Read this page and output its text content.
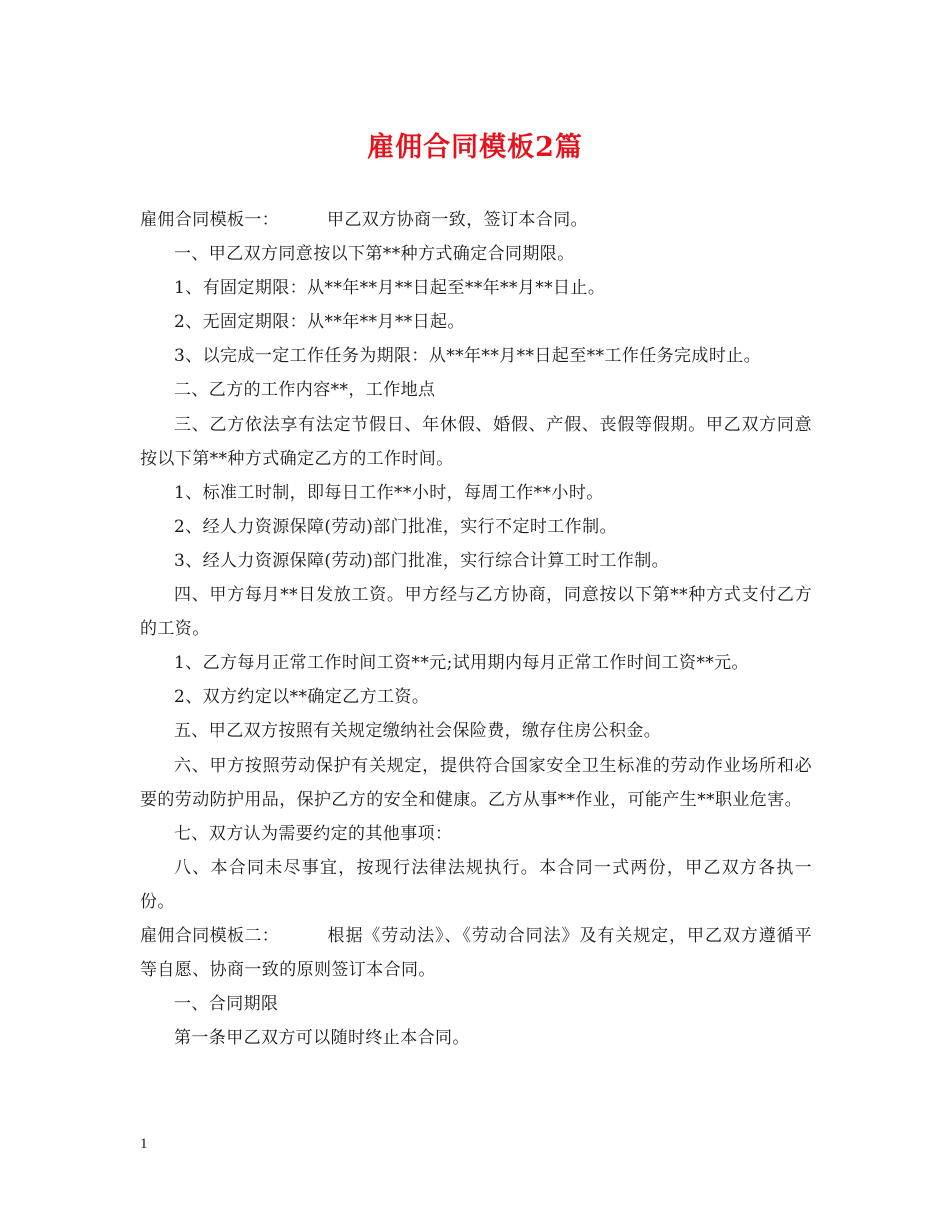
雇佣合同模板2篇

雇佣合同模板一：	甲乙双方协商一致，签订本合同。

一、甲乙双方同意按以下第**种方式确定合同期限。

1、有固定期限：从**年**月**日起至**年**月**日止。

2、无固定期限：从**年**月**日起。

3、以完成一定工作任务为期限：从**年**月**日起至**工作任务完成时止。

二、乙方的工作内容**，工作地点

三、乙方依法享有法定节假日、年休假、婚假、产假、丧假等假期。甲乙双方同意按以下第**种方式确定乙方的工作时间。

1、标准工时制，即每日工作**小时，每周工作**小时。

2、经人力资源保障(劳动)部门批准，实行不定时工作制。

3、经人力资源保障(劳动)部门批准，实行综合计算工时工作制。

四、甲方每月**日发放工资。甲方经与乙方协商，同意按以下第**种方式支付乙方的工资。

1、乙方每月正常工作时间工资**元;试用期内每月正常工作时间工资**元。

2、双方约定以**确定乙方工资。

五、甲乙双方按照有关规定缴纳社会保险费，缴存住房公积金。

六、甲方按照劳动保护有关规定，提供符合国家安全卫生标准的劳动作业场所和必要的劳动防护用品，保护乙方的安全和健康。乙方从事**作业，可能产生**职业危害。

七、双方认为需要约定的其他事项：

八、本合同未尽事宜，按现行法律法规执行。本合同一式两份，甲乙双方各执一份。

雇佣合同模板二：	根据《劳动法》、《劳动合同法》及有关规定，甲乙双方遵循平等自愿、协商一致的原则签订本合同。

一、合同期限

第一条甲乙双方可以随时终止本合同。

1
